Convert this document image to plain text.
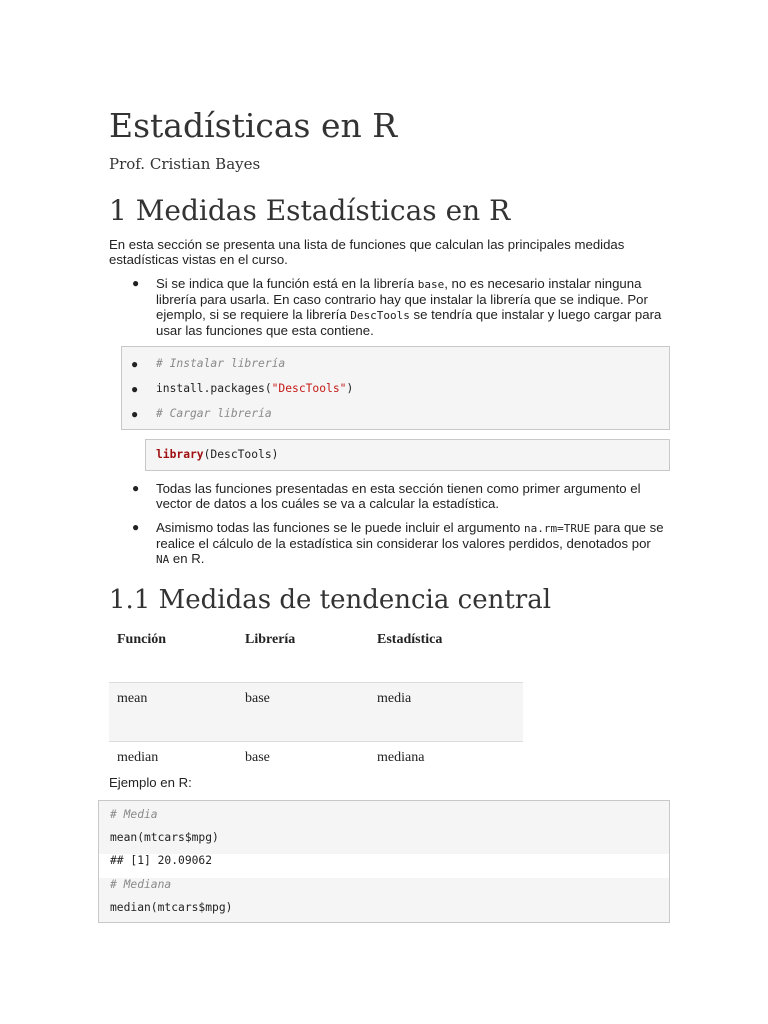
Estadísticas en R

Prof. Cristian Bayes

1 Medidas Estadísticas en R

En esta sección se presenta una lista de funciones que calculan las principales medidas estadísticas vistas en el curso.

● Si se indica que la función está en la librería base, no es necesario instalar ninguna librería para usarla. En caso contrario hay que instalar la librería que se indique. Por ejemplo, si se requiere la librería DescTools se tendría que instalar y luego cargar para usar las funciones que esta contiene.

● # Instalar librería
● install.packages("DescTools")
● # Cargar librería
library(DescTools)

● Todas las funciones presentadas en esta sección tienen como primer argumento el vector de datos a los cuáles se va a calcular la estadística.

● Asimismo todas las funciones se le puede incluir el argumento na.rm=TRUE para que se realice el cálculo de la estadística sin considerar los valores perdidos, denotados por NA en R.

1.1 Medidas de tendencia central
Función	Librería	Estadística
mean	base	media
median	base	mediana

Ejemplo en R:

# Media
mean(mtcars$mpg)
## [1] 20.09062
# Mediana
median(mtcars$mpg)
